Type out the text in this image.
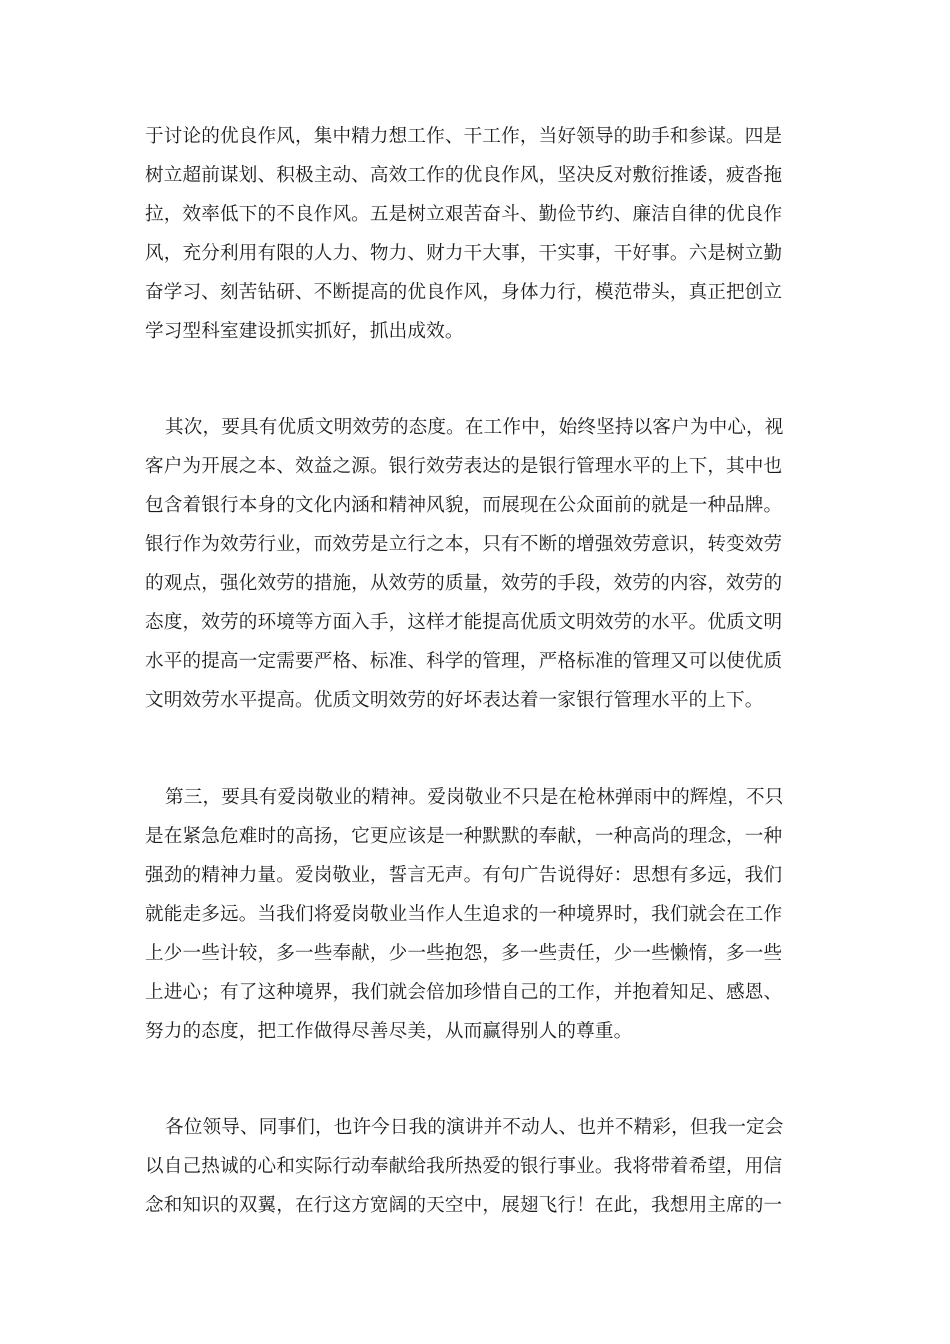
于讨论的优良作风，集中精力想工作、干工作，当好领导的助手和参谋。四是
树立超前谋划、积极主动、高效工作的优良作风，坚决反对敷衍推诿，疲沓拖
拉，效率低下的不良作风。五是树立艰苦奋斗、勤俭节约、廉洁自律的优良作
风，充分利用有限的人力、物力、财力干大事，干实事，干好事。六是树立勤
奋学习、刻苦钻研、不断提高的优良作风，身体力行，模范带头，真正把创立
学习型科室建设抓实抓好，抓出成效。
其次，要具有优质文明效劳的态度。在工作中，始终坚持以客户为中心，视
客户为开展之本、效益之源。银行效劳表达的是银行管理水平的上下，其中也
包含着银行本身的文化内涵和精神风貌，而展现在公众面前的就是一种品牌。
银行作为效劳行业，而效劳是立行之本，只有不断的增强效劳意识，转变效劳
的观点，强化效劳的措施，从效劳的质量，效劳的手段，效劳的内容，效劳的
态度，效劳的环境等方面入手，这样才能提高优质文明效劳的水平。优质文明
水平的提高一定需要严格、标准、科学的管理，严格标准的管理又可以使优质
文明效劳水平提高。优质文明效劳的好坏表达着一家银行管理水平的上下。
第三，要具有爱岗敬业的精神。爱岗敬业不只是在枪林弹雨中的辉煌，不只
是在紧急危难时的高扬，它更应该是一种默默的奉献，一种高尚的理念，一种
强劲的精神力量。爱岗敬业，誓言无声。有句广告说得好：思想有多远，我们
就能走多远。当我们将爱岗敬业当作人生追求的一种境界时，我们就会在工作
上少一些计较，多一些奉献，少一些抱怨，多一些责任，少一些懒惰，多一些
上进心；有了这种境界，我们就会倍加珍惜自己的工作，并抱着知足、感恩、
努力的态度，把工作做得尽善尽美，从而赢得别人的尊重。
各位领导、同事们，也许今日我的演讲并不动人、也并不精彩，但我一定会
以自己热诚的心和实际行动奉献给我所热爱的银行事业。我将带着希望，用信
念和知识的双翼，在行这方宽阔的天空中，展翅飞行！在此，我想用主席的一
